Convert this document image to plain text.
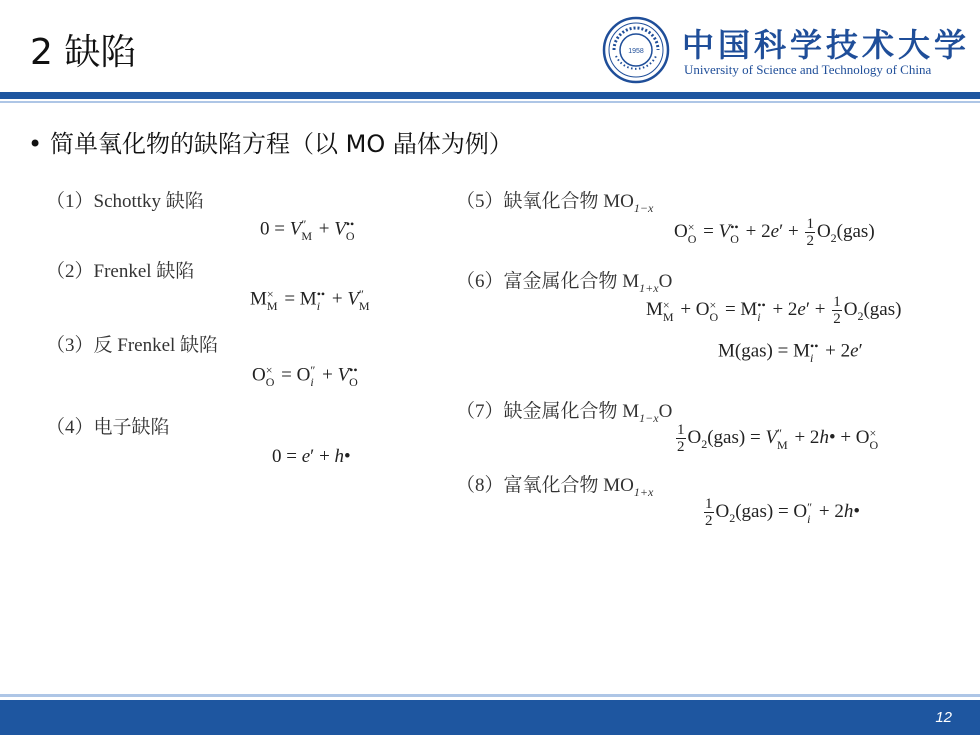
2 缺陷	1958 中国科学技术大学
University of Science and Technology of China
• 简单氧化物的缺陷方程（以 MO 晶体为例）
（1）Schottky 缺陷
0 = V ″
M + V ••
O
（2）Frenkel 缺陷
M ×
M = M ••
i + V ″
M
（3）反 Frenkel 缺陷
O ×
O = O ″
i + V ••
O
（4）电子缺陷
0 = e′ + h•
（5）缺氧化合物 $MO_{1-x}$
O ×
O = V ••
$O + 2e' + \frac{1}{2} O_2(gas)$
（6）富金属化合物 $M_{1+x}O$
M ×
M + O ×
O = M ••
$i + 2e' + \frac{1}{2} O_2(gas)$
M(gas) = M ••
i + 2e′
（7）缺金属化合物 $M_{1-x}O$
$\frac{1}{2} O_2(gas) = V$ ″
M + 2h• + O ×
O
（8）富氧化合物 $MO_{1+x}$
$\frac{1}{2} O_2(gas) = O$ ″
i + 2h•
12
